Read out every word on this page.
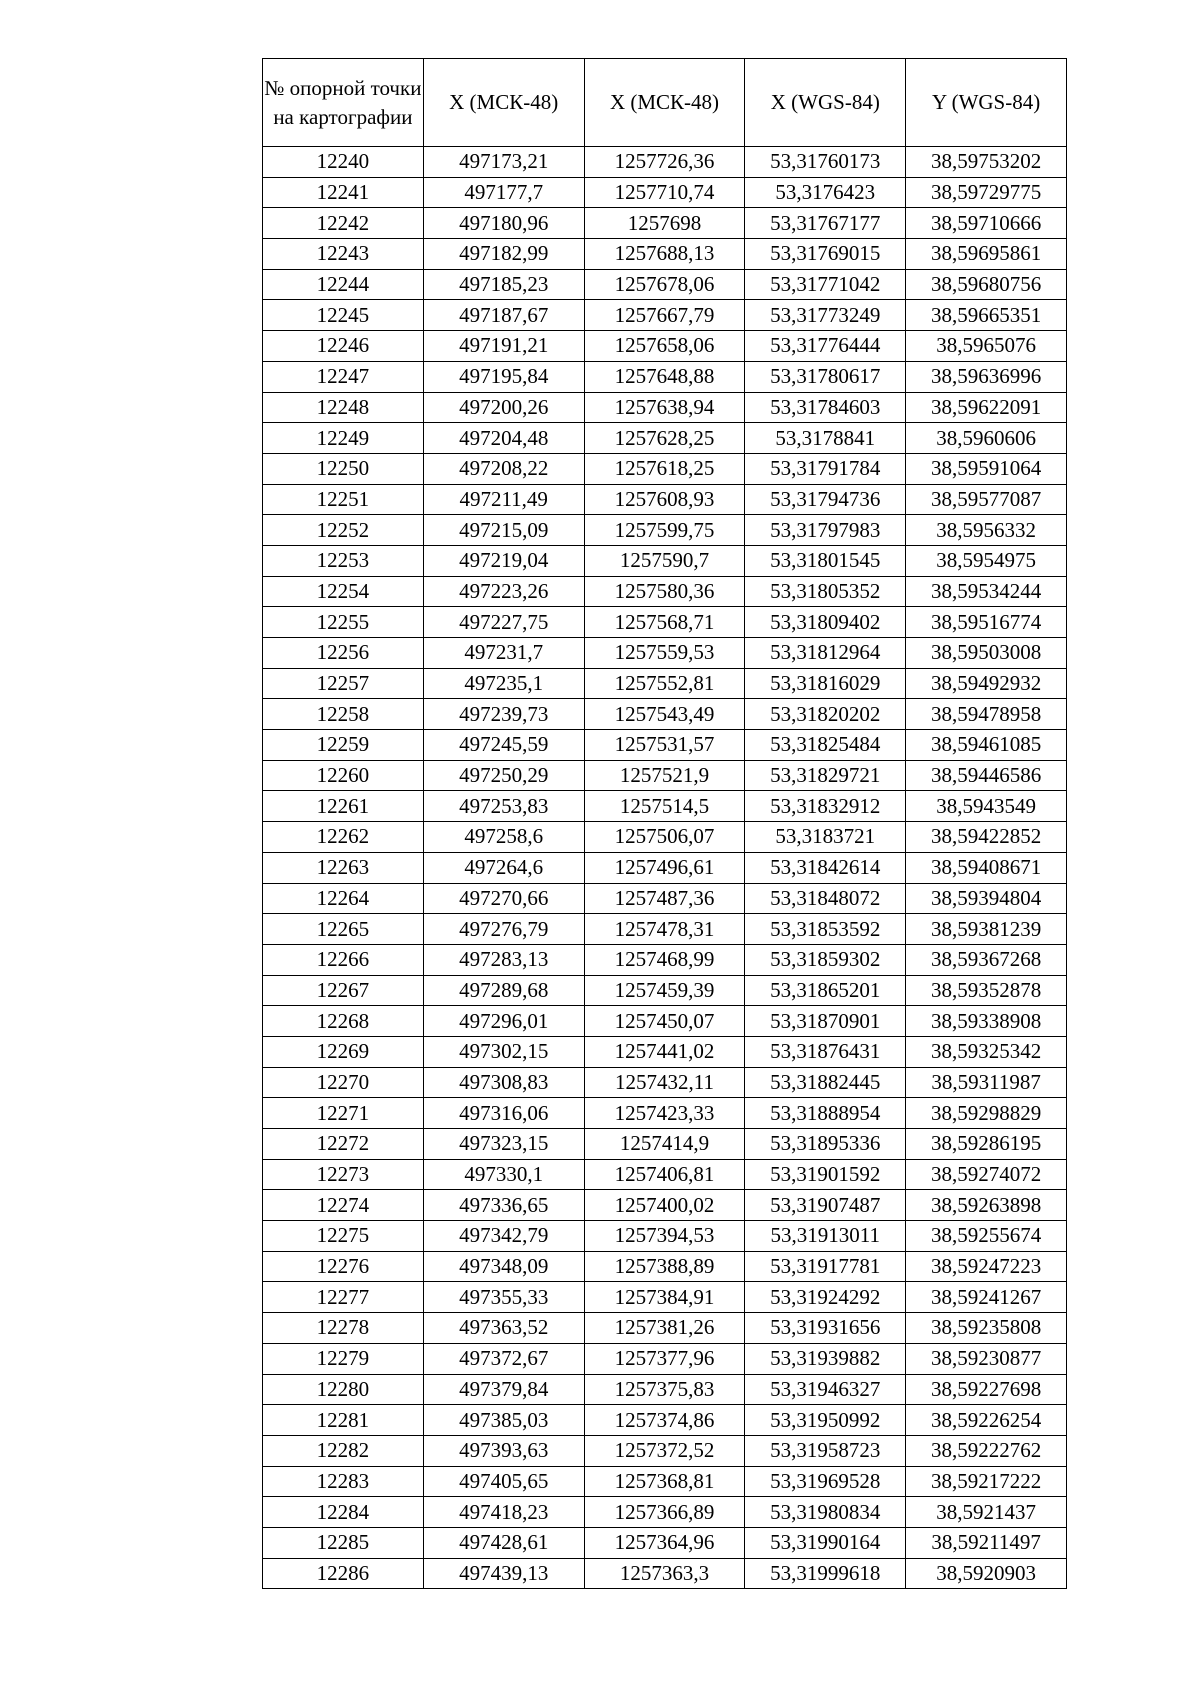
№ опорной точки на картографии	X (МСК-48)	X (МСК-48)	X (WGS-84)	Y (WGS-84)
12240	497173,21	1257726,36	53,31760173	38,59753202
12241	497177,7	1257710,74	53,3176423	38,59729775
12242	497180,96	1257698	53,31767177	38,59710666
12243	497182,99	1257688,13	53,31769015	38,59695861
12244	497185,23	1257678,06	53,31771042	38,59680756
12245	497187,67	1257667,79	53,31773249	38,59665351
12246	497191,21	1257658,06	53,31776444	38,5965076
12247	497195,84	1257648,88	53,31780617	38,59636996
12248	497200,26	1257638,94	53,31784603	38,59622091
12249	497204,48	1257628,25	53,3178841	38,5960606
12250	497208,22	1257618,25	53,31791784	38,59591064
12251	497211,49	1257608,93	53,31794736	38,59577087
12252	497215,09	1257599,75	53,31797983	38,5956332
12253	497219,04	1257590,7	53,31801545	38,5954975
12254	497223,26	1257580,36	53,31805352	38,59534244
12255	497227,75	1257568,71	53,31809402	38,59516774
12256	497231,7	1257559,53	53,31812964	38,59503008
12257	497235,1	1257552,81	53,31816029	38,59492932
12258	497239,73	1257543,49	53,31820202	38,59478958
12259	497245,59	1257531,57	53,31825484	38,59461085
12260	497250,29	1257521,9	53,31829721	38,59446586
12261	497253,83	1257514,5	53,31832912	38,5943549
12262	497258,6	1257506,07	53,3183721	38,59422852
12263	497264,6	1257496,61	53,31842614	38,59408671
12264	497270,66	1257487,36	53,31848072	38,59394804
12265	497276,79	1257478,31	53,31853592	38,59381239
12266	497283,13	1257468,99	53,31859302	38,59367268
12267	497289,68	1257459,39	53,31865201	38,59352878
12268	497296,01	1257450,07	53,31870901	38,59338908
12269	497302,15	1257441,02	53,31876431	38,59325342
12270	497308,83	1257432,11	53,31882445	38,59311987
12271	497316,06	1257423,33	53,31888954	38,59298829
12272	497323,15	1257414,9	53,31895336	38,59286195
12273	497330,1	1257406,81	53,31901592	38,59274072
12274	497336,65	1257400,02	53,31907487	38,59263898
12275	497342,79	1257394,53	53,31913011	38,59255674
12276	497348,09	1257388,89	53,31917781	38,59247223
12277	497355,33	1257384,91	53,31924292	38,59241267
12278	497363,52	1257381,26	53,31931656	38,59235808
12279	497372,67	1257377,96	53,31939882	38,59230877
12280	497379,84	1257375,83	53,31946327	38,59227698
12281	497385,03	1257374,86	53,31950992	38,59226254
12282	497393,63	1257372,52	53,31958723	38,59222762
12283	497405,65	1257368,81	53,31969528	38,59217222
12284	497418,23	1257366,89	53,31980834	38,5921437
12285	497428,61	1257364,96	53,31990164	38,59211497
12286	497439,13	1257363,3	53,31999618	38,5920903
